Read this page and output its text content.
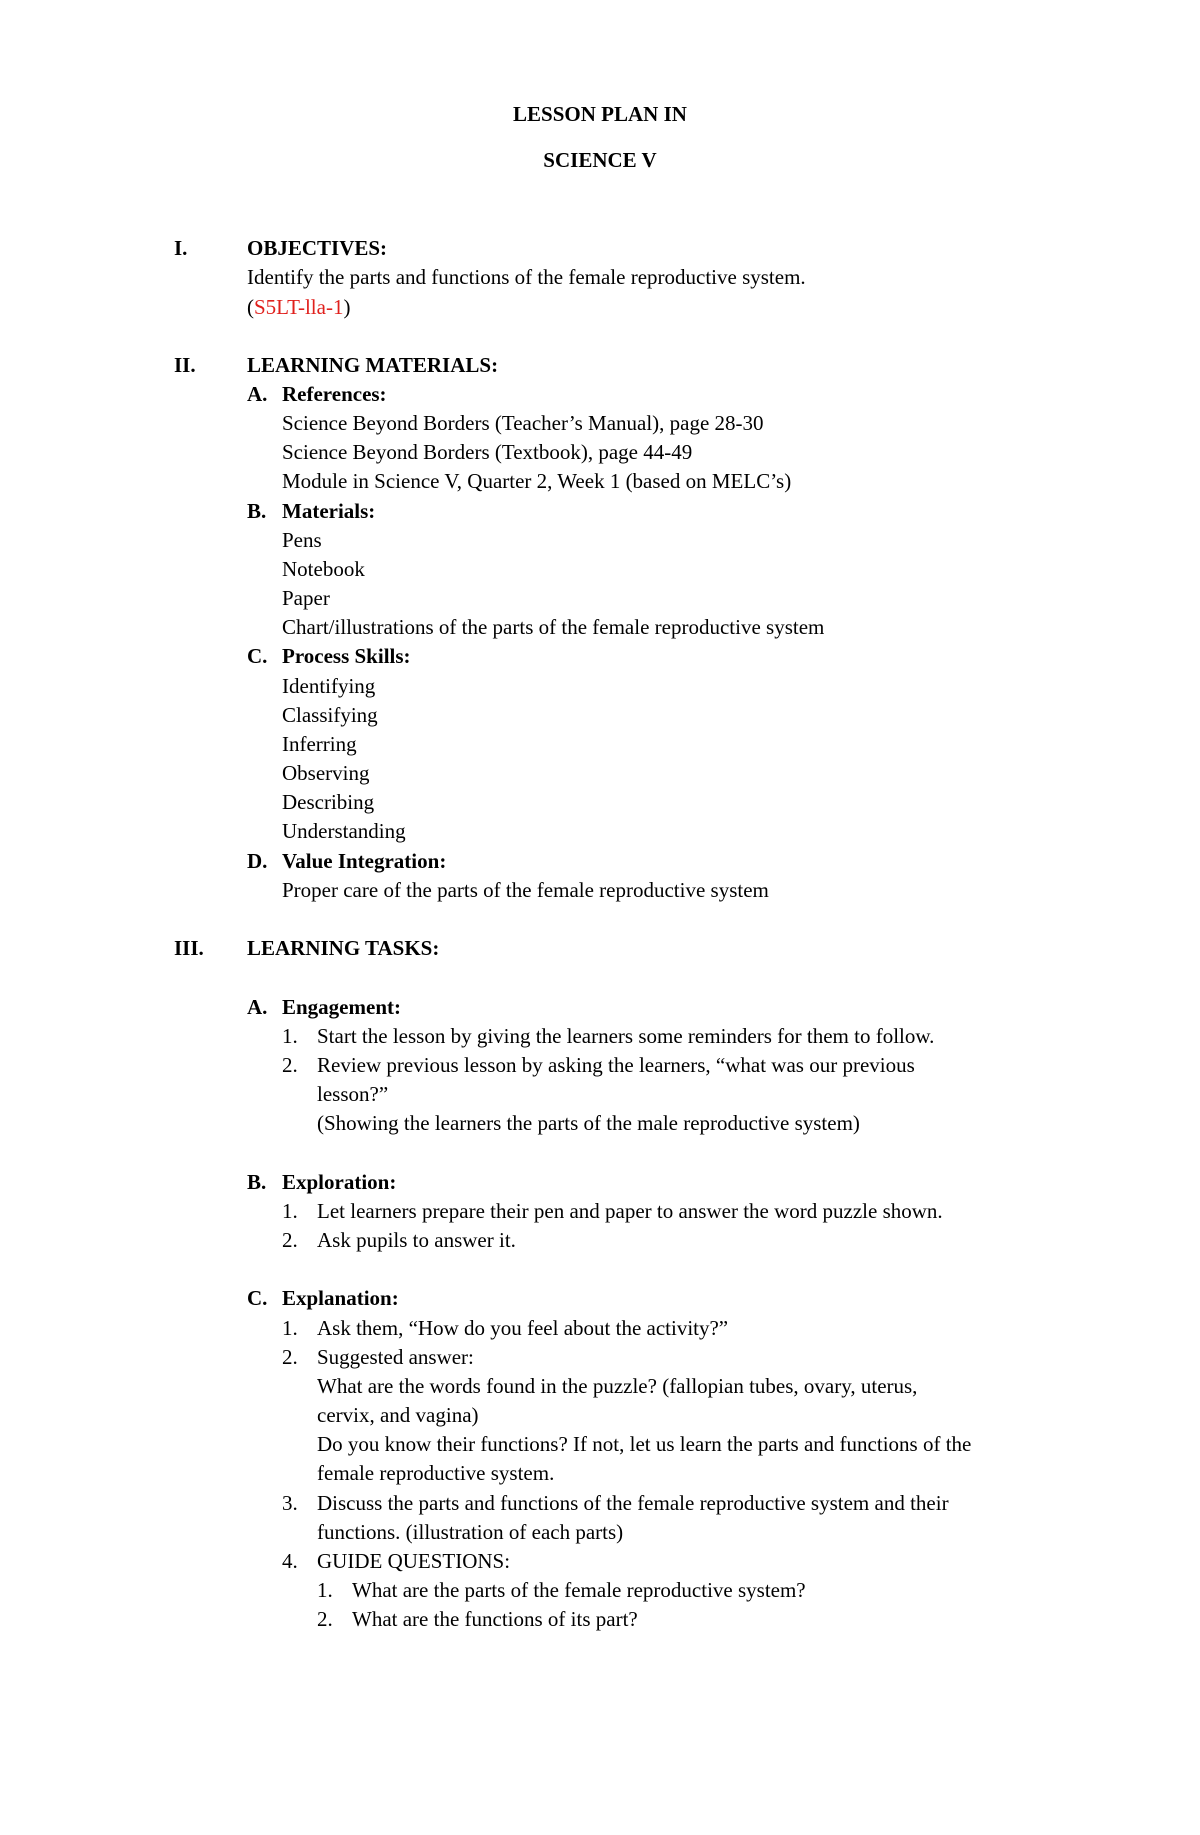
LESSON PLAN IN
SCIENCE V
I.	OBJECTIVES:
Identify the parts and functions of the female reproductive system.
(S5LT-lla-1)
II. LEARNING MATERIALS:
A. References:
Science Beyond Borders (Teacher’s Manual), page 28-30
Science Beyond Borders (Textbook), page 44-49
Module in Science V, Quarter 2, Week 1 (based on MELC’s)
B. Materials:
Pens
Notebook
Paper
Chart/illustrations of the parts of the female reproductive system
C. Process Skills:
Identifying
Classifying
Inferring
Observing
Describing
Understanding
D. Value Integration:
Proper care of the parts of the female reproductive system
III. LEARNING TASKS:
A. Engagement:
1. Start the lesson by giving the learners some reminders for them to follow.
2. Review previous lesson by asking the learners, “what was our previous
lesson?”
(Showing the learners the parts of the male reproductive system)
B. Exploration:
1. Let learners prepare their pen and paper to answer the word puzzle shown.
2. Ask pupils to answer it.
C. Explanation:
1. Ask them, “How do you feel about the activity?”
2. Suggested answer:
What are the words found in the puzzle? (fallopian tubes, ovary, uterus,
cervix, and vagina)
Do you know their functions? If not, let us learn the parts and functions of the
female reproductive system.
3. Discuss the parts and functions of the female reproductive system and their
functions. (illustration of each parts)
4. GUIDE QUESTIONS:
1. What are the parts of the female reproductive system?
2. What are the functions of its part?
